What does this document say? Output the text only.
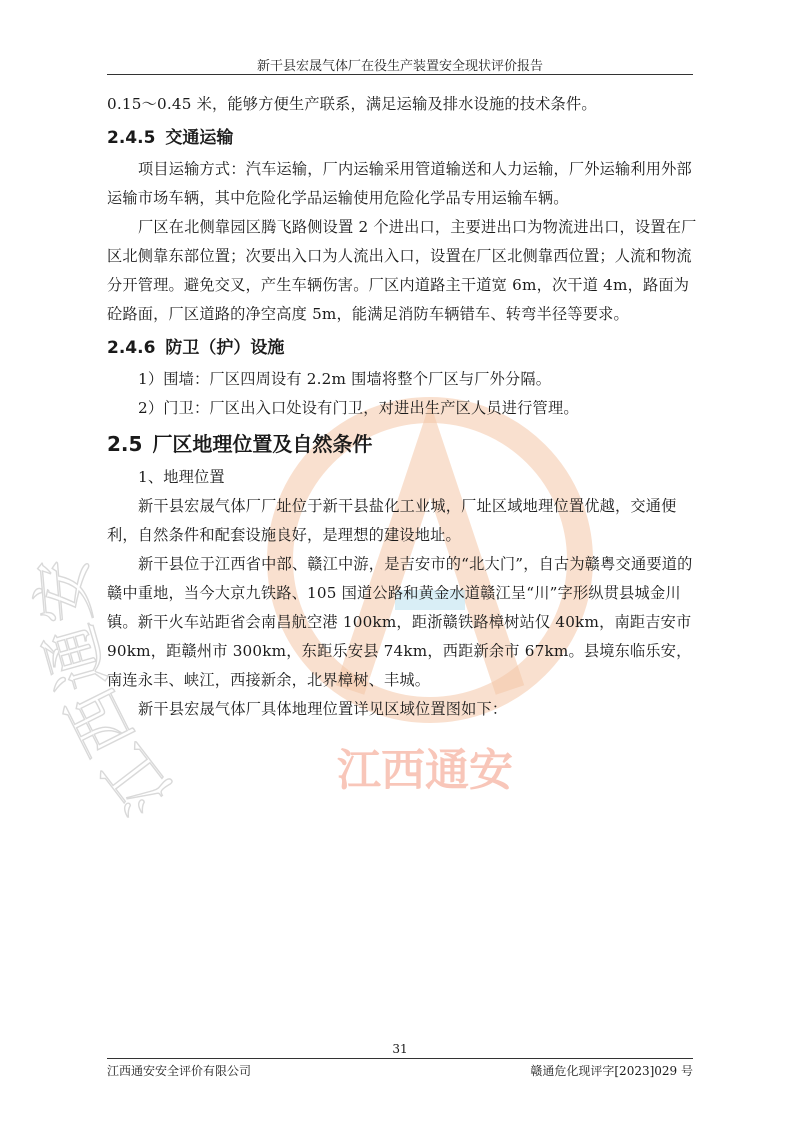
江西通安
江西通安
新干县宏晟气体厂在役生产装置安全现状评价报告

0.15～0.45 米，能够方便生产联系，满足运输及排水设施的技术条件。

2.4.5 交通运输

项目运输方式：汽车运输，厂内运输采用管道输送和人力运输，厂外运输利用外部运输市场车辆，其中危险化学品运输使用危险化学品专用运输车辆。

厂区在北侧靠园区腾飞路侧设置 2 个进出口，主要进出口为物流进出口，设置在厂区北侧靠东部位置；次要出入口为人流出入口，设置在厂区北侧靠西位置；人流和物流分开管理。避免交叉，产生车辆伤害。厂区内道路主干道宽 6m，次干道 4m，路面为砼路面，厂区道路的净空高度 5m，能满足消防车辆错车、转弯半径等要求。

2.4.6 防卫（护）设施

1）围墙：厂区四周设有 2.2m 围墙将整个厂区与厂外分隔。

2）门卫：厂区出入口处设有门卫，对进出生产区人员进行管理。

2.5 厂区地理位置及自然条件

1、地理位置

新干县宏晟气体厂厂址位于新干县盐化工业城，厂址区域地理位置优越，交通便利，自然条件和配套设施良好，是理想的建设地址。

新干县位于江西省中部、赣江中游，是吉安市的“北大门”，自古为赣粤交通要道的赣中重地，当今大京九铁路、105 国道公路和黄金水道赣江呈“川”字形纵贯县城金川镇。新干火车站距省会南昌航空港 100km，距浙赣铁路樟树站仅 40km，南距吉安市 90km，距赣州市 300km，东距乐安县 74km，西距新余市 67km。县境东临乐安，南连永丰、峡江，西接新余，北界樟树、丰城。

新干县宏晟气体厂具体地理位置详见区域位置图如下：

31
江西通安安全评价有限公司	赣通危化现评字[2023]029 号
